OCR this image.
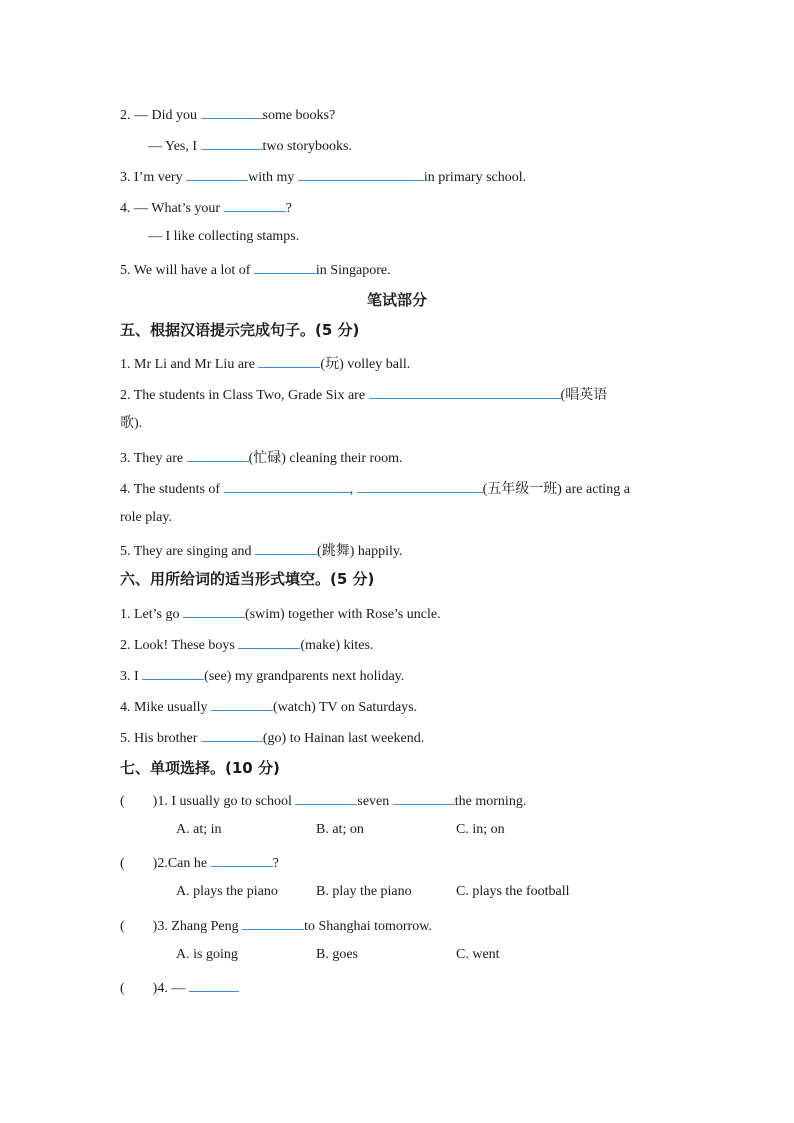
2. — Did you	some books?
— Yes, I	two storybooks.
3. I’m very	with my	in primary school.
4. — What’s your	?
— I like collecting stamps.
5. We will have a lot of	in Singapore.
笔试部分
五、根据汉语提示完成句子。(5 分)
1. Mr Li and Mr Liu are	(玩) volley ball.
2. The students in Class Two, Grade Six are	(唱英语
歌).
3. They are	(忙碌) cleaning their room.
4. The students of	,	(五年级一班) are acting a
role play.
5. They are singing and	(跳舞) happily.
六、用所给词的适当形式填空。(5 分)
1. Let’s go	(swim) together with Rose’s uncle.
2. Look! These boys	(make) kites.
3. I	(see) my grandparents next holiday.
4. Mike usually	(watch) TV on Saturdays.
5. His brother	(go) to Hainan last weekend.
七、单项选择。(10 分)
( )1. I usually go to school	seven	the morning.
A. at; in	B. at; on	C. in; on
( )2.Can he	?
A. plays the piano	B. play the piano	C. plays the football
( )3. Zhang Peng	to Shanghai tomorrow.
A. is going	B. goes	C. went
( )4. —
